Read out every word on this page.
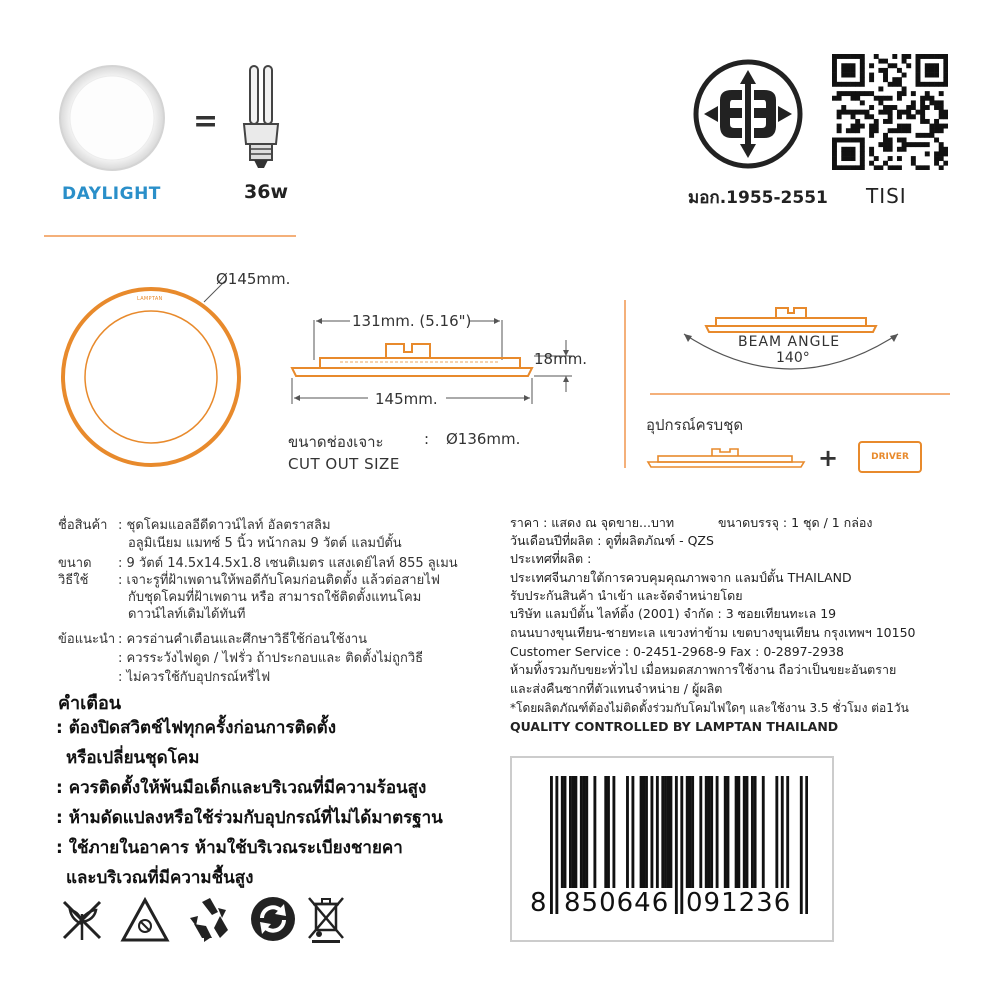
DAYLIGHT
=
36w	มอก.1955-2551 TISI
LAMPTAN
Ø145mm.
131mm. (5.16")
18mm.
145mm.
ขนาดช่องเจาะ	: Ø136mm.
CUT OUT SIZE
BEAM ANGLE
140°
อุปกรณ์ครบชุด
+	DRIVER
ชื่อสินค้า : ชุดโคมแอลอีดีดาวน์ไลท์ อัลตราสลิม
อลูมิเนียม แมทซ์ 5 นิ้ว หน้ากลม 9 วัตต์ แลมป์ตั้น
ขนาด : 9 วัตต์ 14.5x14.5x1.8 เซนติเมตร แสงเดย์ไลท์ 855 ลูเมน
วิธีใช้ : เจาะรูที่ฝ้าเพดานให้พอดีกับโคมก่อนติดตั้ง แล้วต่อสายไฟ
กับชุดโคมที่ฝ้าเพดาน หรือ สามารถใช้ติดตั้งแทนโคม
ดาวน์ไลท์เดิมได้ทันที
ข้อแนะนำ : ควรอ่านคำเตือนและศึกษาวิธีใช้ก่อนใช้งาน
: ควรระวังไฟดูด / ไฟรั่ว ถ้าประกอบและ ติดตั้งไม่ถูกวิธี
: ไม่ควรใช้กับอุปกรณ์หรี่ไฟ
คำเตือน
: ต้องปิดสวิตช์ไฟทุกครั้งก่อนการติดตั้ง
หรือเปลี่ยนชุดโคม
: ควรติดตั้งให้พ้นมือเด็กและบริเวณที่มีความร้อนสูง
: ห้ามดัดแปลงหรือใช้ร่วมกับอุปกรณ์ที่ไม่ได้มาตรฐาน
: ใช้ภายในอาคาร ห้ามใช้บริเวณระเบียงชายคา
และบริเวณที่มีความชื้นสูง
ราคา : แสดง ณ จุดขาย...บาท	ขนาดบรรจุ : 1 ชุด / 1 กล่อง
วันเดือนปีที่ผลิต : ดูที่ผลิตภัณฑ์ - QZS
ประเทศที่ผลิต :
ประเทศจีนภายใต้การควบคุมคุณภาพจาก แลมป์ตั้น THAILAND
รับประกันสินค้า นำเข้า และจัดจำหน่ายโดย
บริษัท แลมป์ตั้น ไลท์ติ้ง (2001) จำกัด : 3 ซอยเทียนทะเล 19
ถนนบางขุนเทียน-ชายทะเล แขวงท่าข้าม เขตบางขุนเทียน กรุงเทพฯ 10150
Customer Service : 0-2451-2968-9 Fax : 0-2897-2938
ห้ามทิ้งรวมกับขยะทั่วไป เมื่อหมดสภาพการใช้งาน ถือว่าเป็นขยะอันตราย
และส่งคืนซากที่ตัวแทนจำหน่าย / ผู้ผลิต
*โดยผลิตภัณฑ์ต้องไม่ติดตั้งร่วมกับโคมไฟใดๆ และใช้งาน 3.5 ชั่วโมง ต่อ1วัน
QUALITY CONTROLLED BY LAMPTAN THAILAND
8 850646 091236
